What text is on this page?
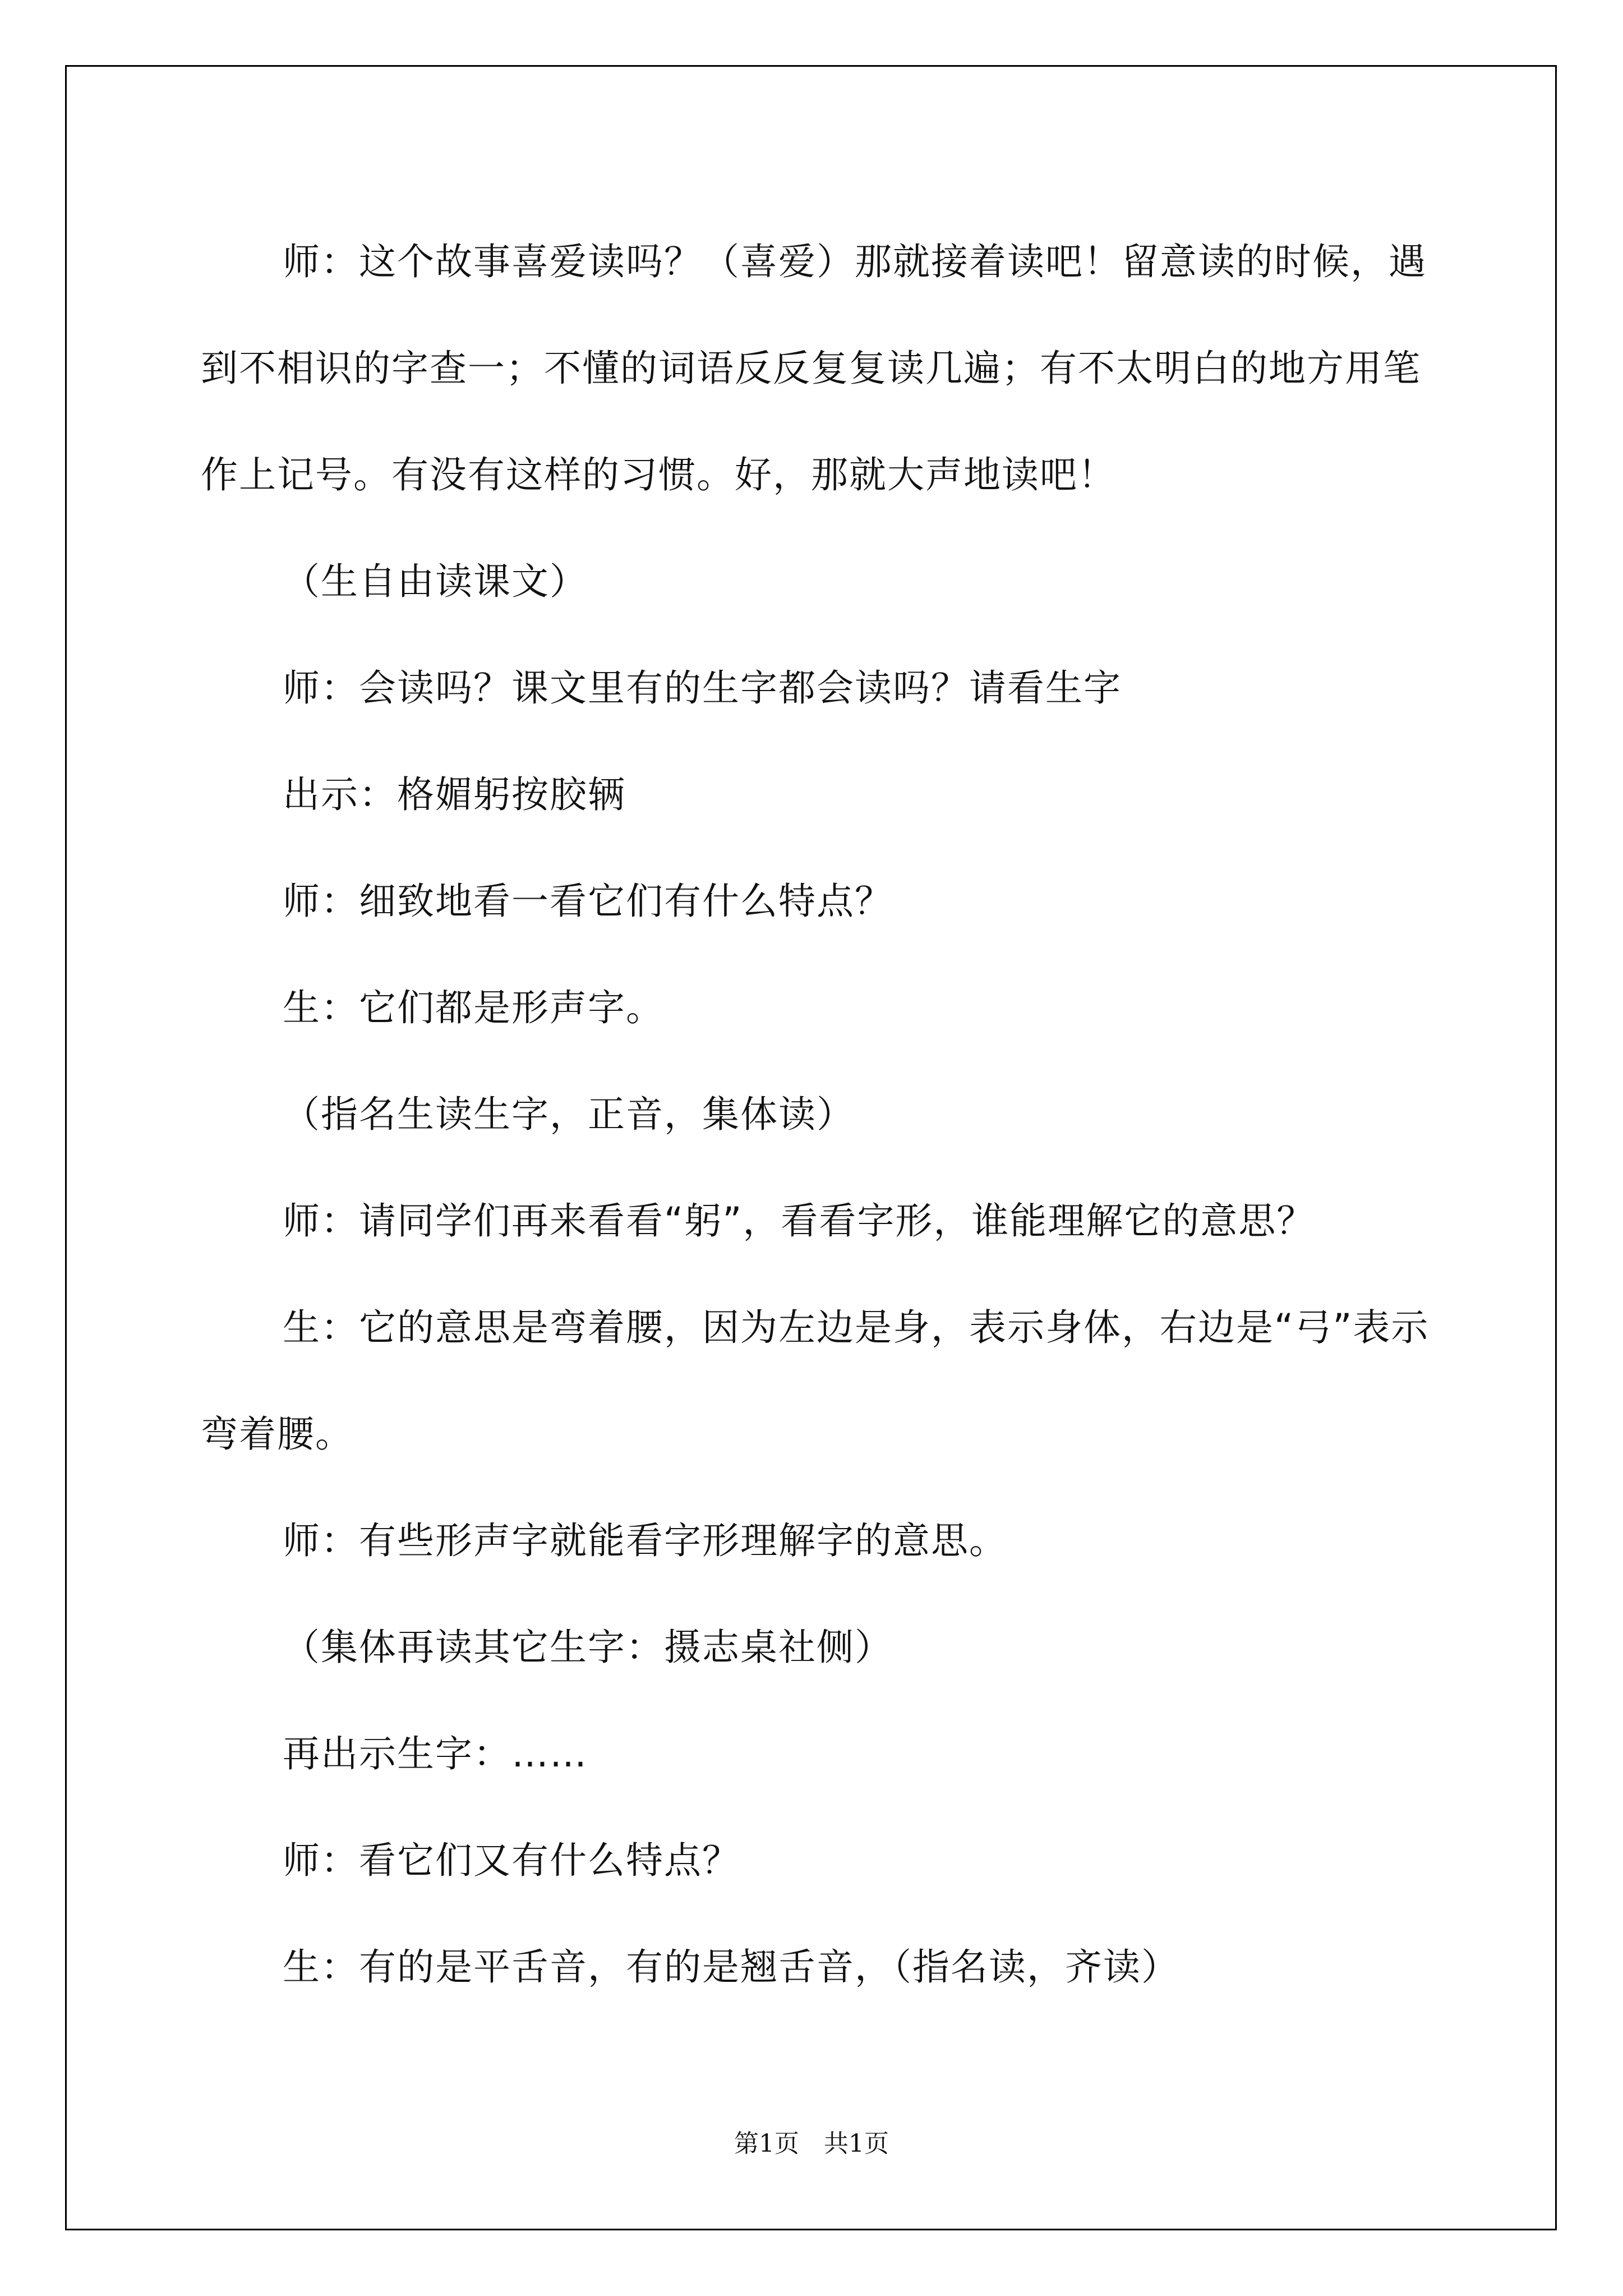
师：这个故事喜爱读吗？（喜爱）那就接着读吧！留意读的时候，遇到不相识的字查一；不懂的词语反反复复读几遍；有不太明白的地方用笔作上记号。有没有这样的习惯。好，那就大声地读吧！

（生自由读课文）

师：会读吗？课文里有的生字都会读吗？请看生字

出示：格媚躬按胶辆

师：细致地看一看它们有什么特点？

生：它们都是形声字。

（指名生读生字，正音，集体读）

师：请同学们再来看看“躬”，看看字形，谁能理解它的意思？

生：它的意思是弯着腰，因为左边是身，表示身体，右边是“弓”表示弯着腰。

师：有些形声字就能看字形理解字的意思。

（集体再读其它生字：摄志桌社侧）

再出示生字：……

师：看它们又有什么特点？

生：有的是平舌音，有的是翘舌音，（指名读，齐读）

第1页　共1页
